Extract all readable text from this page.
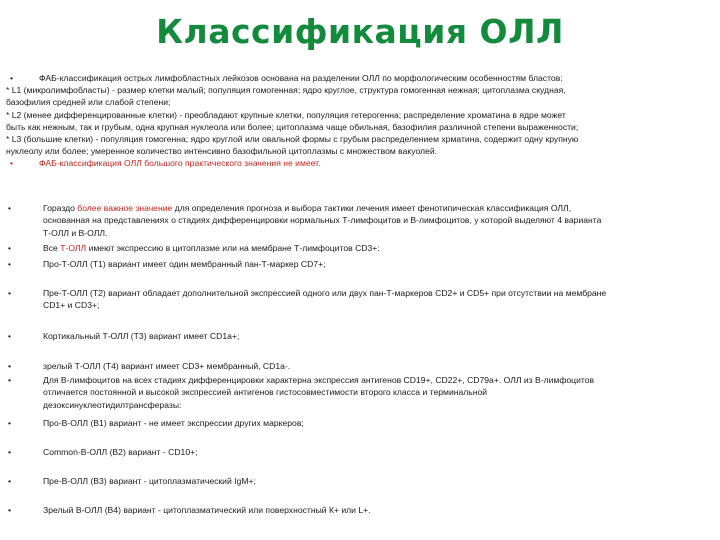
Классификация ОЛЛ
•	ФАБ-классификация острых лимфобластных лейкозов основана на разделении ОЛЛ по морфологическим особенностям бластов:
* L1 (микролимфобласты) - размер клетки малый; популяция гомогенная; ядро круглое, структура гомогенная нежная; цитоплазма скудная,
базофилия средней или слабой степени;
* L2 (менее дифференцированные клетки) - преобладают крупные клетки, популяция гетерогенна; распределение хроматина в ядре может
быть как нежным, так и грубым, одна крупная нуклеола или более; цитоплазма чаще обильная, базофилия различной степени выраженности;
* L3 (большие клетки) - популяция гомогенна; ядро круглой или овальной формы с грубым распределением хрматина, содержит одну крупную
нуклеолу или более; умеренное количество интенсивно базофильной цитоплазмы с множеством вакуолей.
•	ФАБ-классификация ОЛЛ большого практического значения не имеет.
•	Гораздо более важное значение для определения прогноза и выбора тактики лечения имеет фенотипическая классификация ОЛЛ,
основанная на представлениях о стадиях дифференцировки нормальных Т-лимфоцитов и В-лимфоцитов, у которой выделяют 4 варианта
Т-ОЛЛ и В-ОЛЛ.
•	Все Т-ОЛЛ имеют экспрессию в цитоплазме или на мембране Т-лимфоцитов CD3+:
•	Про-Т-ОЛЛ (Т1) вариант имеет один мембранный пан-Т-маркер CD7+;
•	Пре-Т-ОЛЛ (Т2) вариант обладает дополнительной экспрессией одного или двух пан-Т-маркеров CD2+ и CD5+ при отсутствии на мембране
CD1+ и CD3+;
•	Кортикальный Т-ОЛЛ (Т3) вариант имеет CD1a+;
•	зрелый Т-ОЛЛ (Т4) вариант имеет CD3+ мембранный, CD1a-.
•	Для В-лимфоцитов на всех стадиях дифференцировки характерна экспрессия антигенов CD19+, CD22+, CD79a+. ОЛЛ из В-лимфоцитов
отличается постоянной и высокой экспрессией антигенов гистосовместимости второго класса и терминальной
дезоксинуклеотидилтрансферазы:
•	Про-В-ОЛЛ (В1) вариант - не имеет экспрессии других маркеров;
•	Common-В-ОЛЛ (В2) вариант - CD10+;
•	Пре-В-ОЛЛ (В3) вариант - цитоплазматический IgM+;
•	Зрелый В-ОЛЛ (В4) вариант - цитоплазматический или поверхностный К+ или L+.
